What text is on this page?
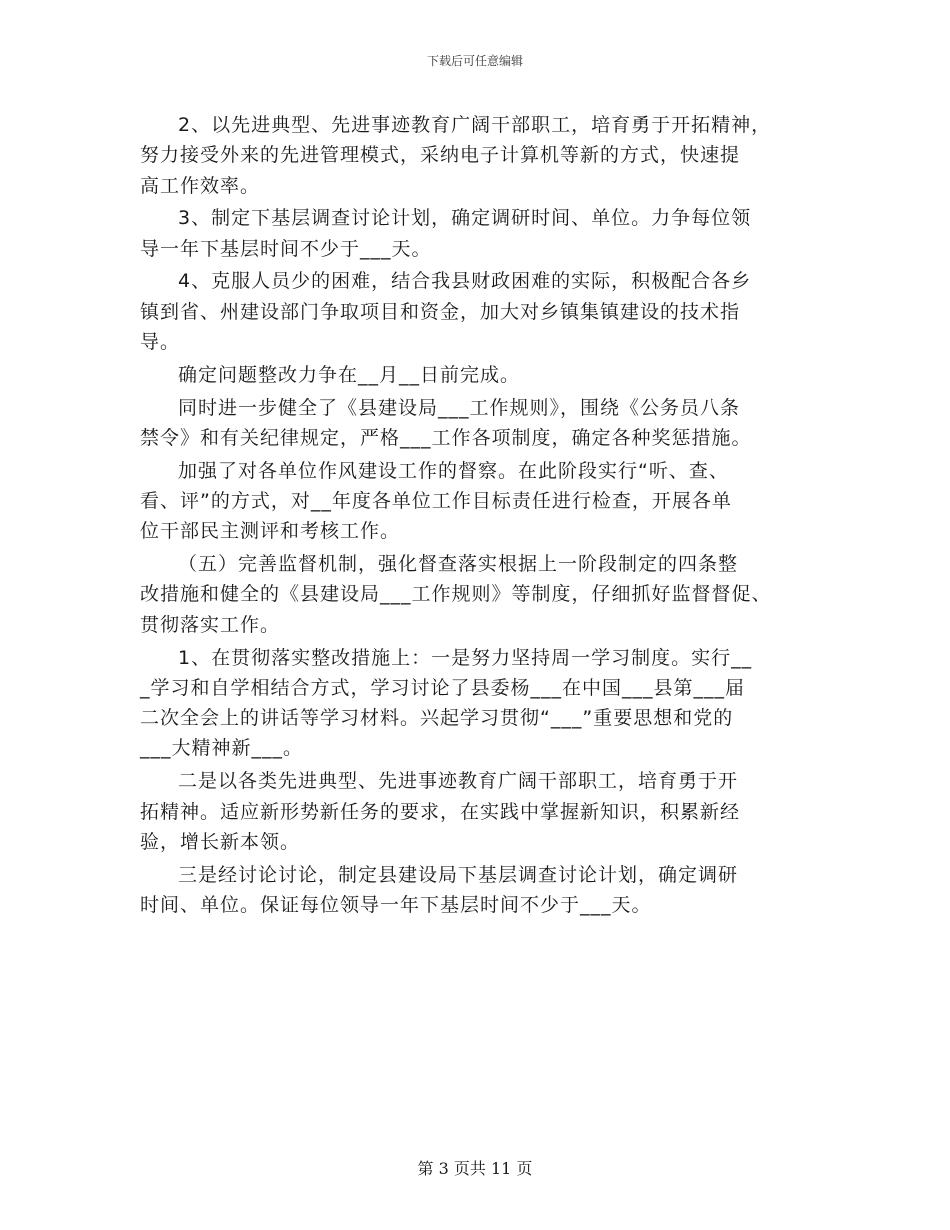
下载后可任意编辑
2、以先进典型、先进事迹教育广阔干部职工，培育勇于开拓精神，
努力接受外来的先进管理模式，采纳电子计算机等新的方式，快速提
高工作效率。
3、制定下基层调查讨论计划，确定调研时间、单位。力争每位领
导一年下基层时间不少于___天。
4、克服人员少的困难，结合我县财政困难的实际，积极配合各乡
镇到省、州建设部门争取项目和资金，加大对乡镇集镇建设的技术指
导。
确定问题整改力争在__月__日前完成。
同时进一步健全了《县建设局___工作规则》，围绕《公务员八条
禁令》和有关纪律规定，严格___工作各项制度，确定各种奖惩措施。
加强了对各单位作风建设工作的督察。在此阶段实行“听、查、
看、评”的方式，对__年度各单位工作目标责任进行检查，开展各单
位干部民主测评和考核工作。
（五）完善监督机制，强化督查落实根据上一阶段制定的四条整
改措施和健全的《县建设局___工作规则》等制度，仔细抓好监督督促、
贯彻落实工作。
1、在贯彻落实整改措施上：一是努力坚持周一学习制度。实行__
_学习和自学相结合方式，学习讨论了县委杨___在中国___县第___届
二次全会上的讲话等学习材料。兴起学习贯彻“___”重要思想和党的
___大精神新___。
二是以各类先进典型、先进事迹教育广阔干部职工，培育勇于开
拓精神。适应新形势新任务的要求，在实践中掌握新知识，积累新经
验，增长新本领。
三是经讨论讨论，制定县建设局下基层调查讨论计划，确定调研
时间、单位。保证每位领导一年下基层时间不少于___天。
第 3 页共 11 页
